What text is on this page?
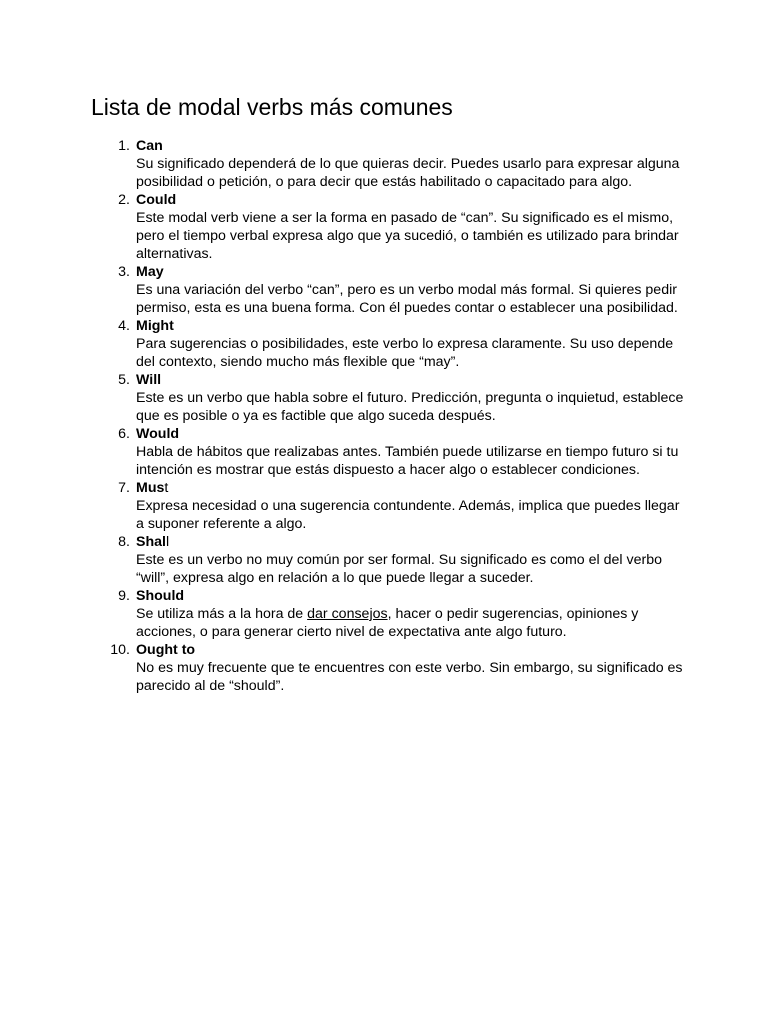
Lista de modal verbs más comunes
1. Can
Su significado dependerá de lo que quieras decir. Puedes usarlo para expresar alguna posibilidad o petición, o para decir que estás habilitado o capacitado para algo.
2. Could
Este modal verb viene a ser la forma en pasado de “can”. Su significado es el mismo, pero el tiempo verbal expresa algo que ya sucedió, o también es utilizado para brindar alternativas.
3. May
Es una variación del verbo “can”, pero es un verbo modal más formal. Si quieres pedir permiso, esta es una buena forma. Con él puedes contar o establecer una posibilidad.
4. Might
Para sugerencias o posibilidades, este verbo lo expresa claramente. Su uso depende del contexto, siendo mucho más flexible que “may”.
5. Will
Este es un verbo que habla sobre el futuro. Predicción, pregunta o inquietud, establece que es posible o ya es factible que algo suceda después.
6. Would
Habla de hábitos que realizabas antes. También puede utilizarse en tiempo futuro si tu intención es mostrar que estás dispuesto a hacer algo o establecer condiciones.
7. Must
Expresa necesidad o una sugerencia contundente. Además, implica que puedes llegar a suponer referente a algo.
8. Shall
Este es un verbo no muy común por ser formal. Su significado es como el del verbo “will”, expresa algo en relación a lo que puede llegar a suceder.
9. Should
Se utiliza más a la hora de dar consejos, hacer o pedir sugerencias, opiniones y acciones, o para generar cierto nivel de expectativa ante algo futuro.
10. Ought to
No es muy frecuente que te encuentres con este verbo. Sin embargo, su significado es parecido al de “should”.
